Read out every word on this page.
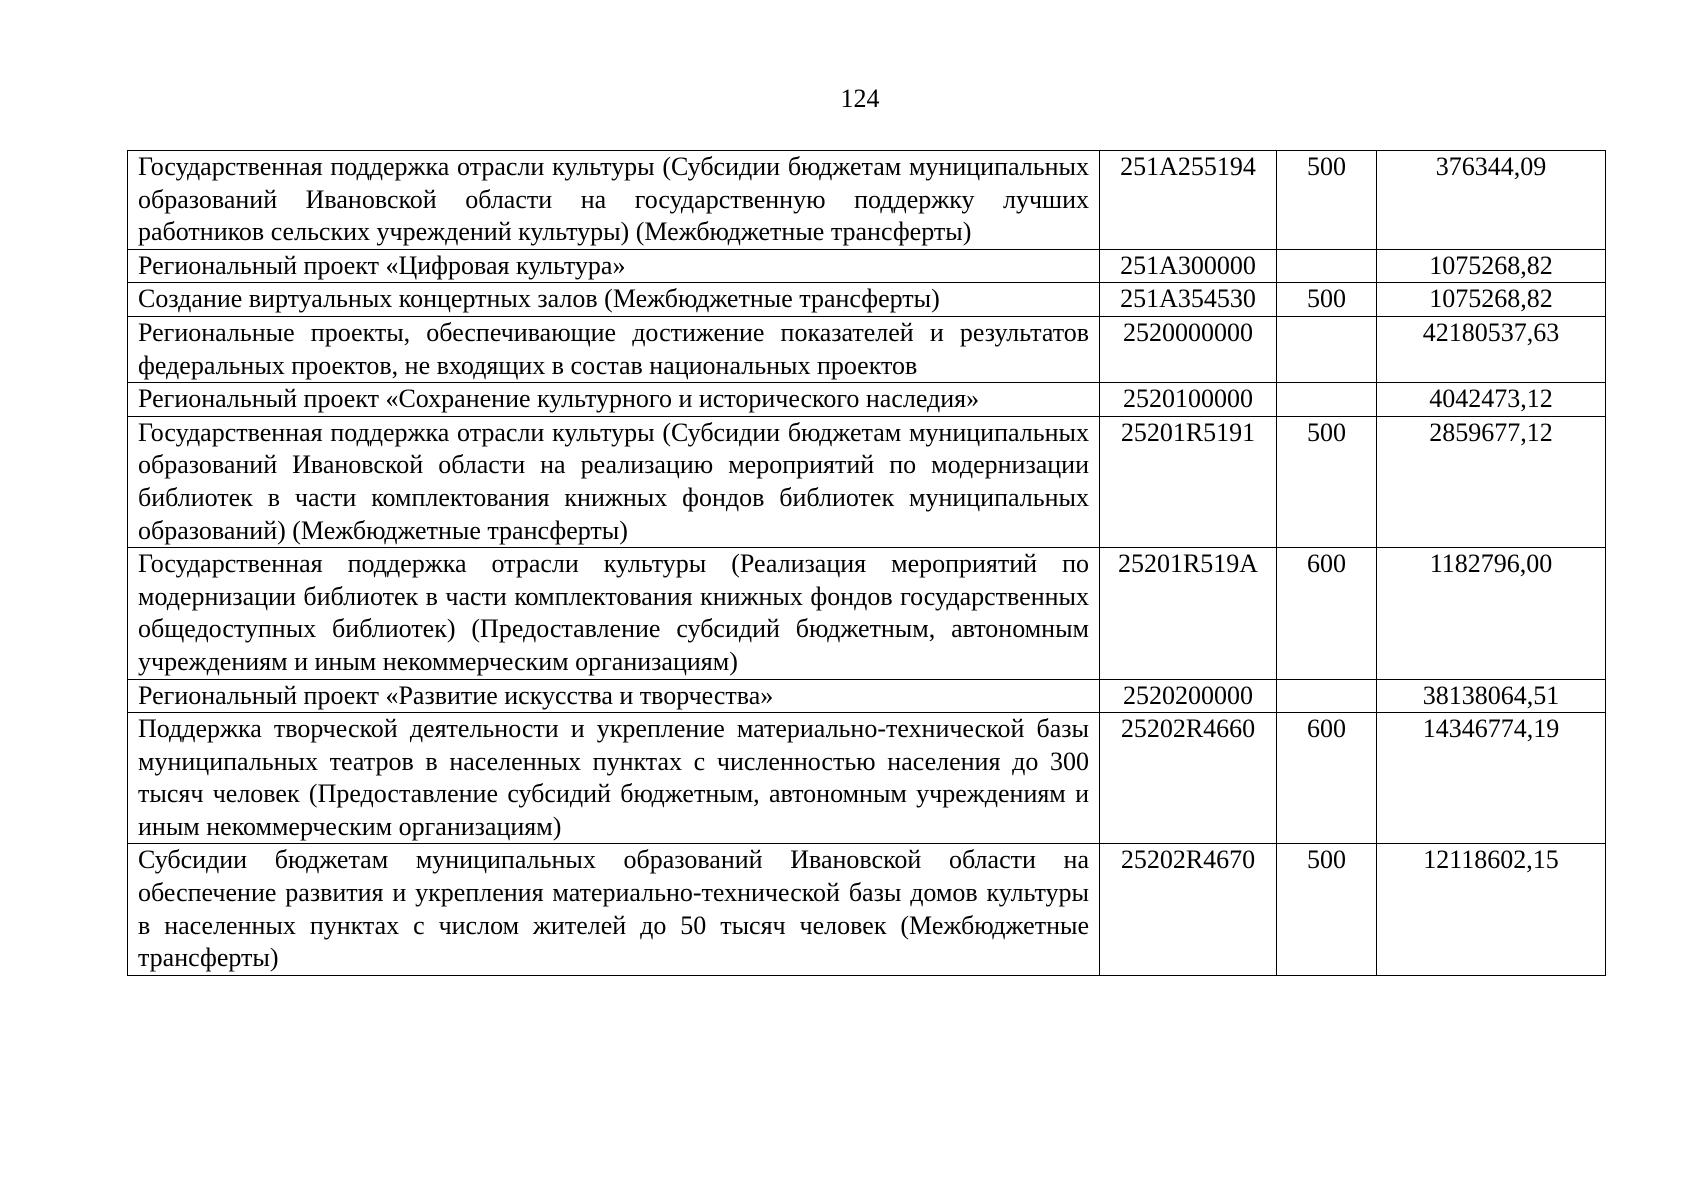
124
Государственная поддержка отрасли культуры (Субсидии бюджетам муниципальных образований Ивановской области на государственную поддержку лучших работников сельских учреждений культуры) (Межбюджетные трансферты)	251A255194	500	376344,09
Региональный проект «Цифровая культура»	251A300000		1075268,82
Создание виртуальных концертных залов (Межбюджетные трансферты)	251A354530	500	1075268,82
Региональные проекты, обеспечивающие достижение показателей и результатов федеральных проектов, не входящих в состав национальных проектов	2520000000		42180537,63
Региональный проект «Сохранение культурного и исторического наследия»	2520100000		4042473,12
Государственная поддержка отрасли культуры (Субсидии бюджетам муниципальных образований Ивановской области на реализацию мероприятий по модернизации библиотек в части комплектования книжных фондов библиотек муниципальных образований) (Межбюджетные трансферты)	25201R5191	500	2859677,12
Государственная поддержка отрасли культуры (Реализация мероприятий по модернизации библиотек в части комплектования книжных фондов государственных общедоступных библиотек) (Предоставление субсидий бюджетным, автономным учреждениям и иным некоммерческим организациям)	25201R519A	600	1182796,00
Региональный проект «Развитие искусства и творчества»	2520200000		38138064,51
Поддержка творческой деятельности и укрепление материально-технической базы муниципальных театров в населенных пунктах с численностью населения до 300 тысяч человек (Предоставление субсидий бюджетным, автономным учреждениям и иным некоммерческим организациям)	25202R4660	600	14346774,19
Субсидии бюджетам муниципальных образований Ивановской области на обеспечение развития и укрепления материально-технической базы домов культуры в населенных пунктах с числом жителей до 50 тысяч человек (Межбюджетные трансферты)	25202R4670	500	12118602,15
